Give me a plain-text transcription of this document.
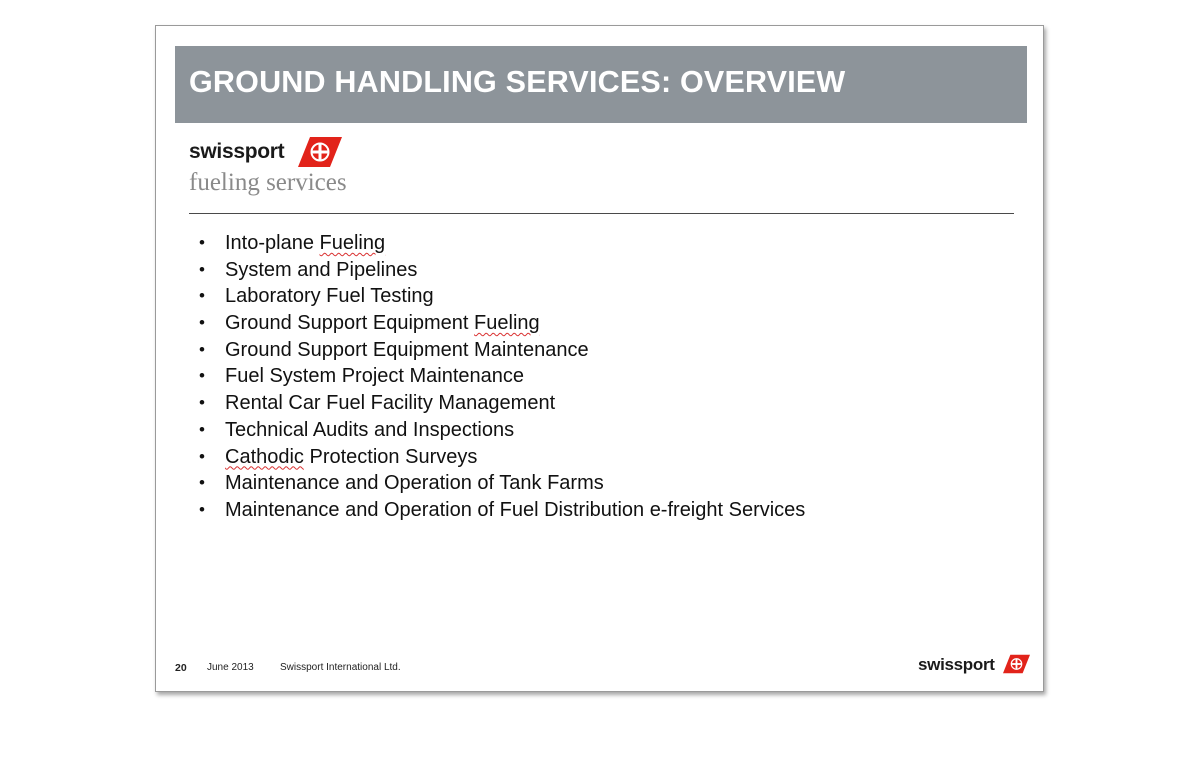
GROUND HANDLING SERVICES: OVERVIEW
swissport
fueling services
• Into-plane Fueling
• System and Pipelines
• Laboratory Fuel Testing
• Ground Support Equipment Fueling
• Ground Support Equipment Maintenance
• Fuel System Project Maintenance
• Rental Car Fuel Facility Management
• Technical Audits and Inspections
• Cathodic Protection Surveys
• Maintenance and Operation of Tank Farms
• Maintenance and Operation of Fuel Distribution e-freight Services
20 June 2013	Swissport International Ltd.	swissport
